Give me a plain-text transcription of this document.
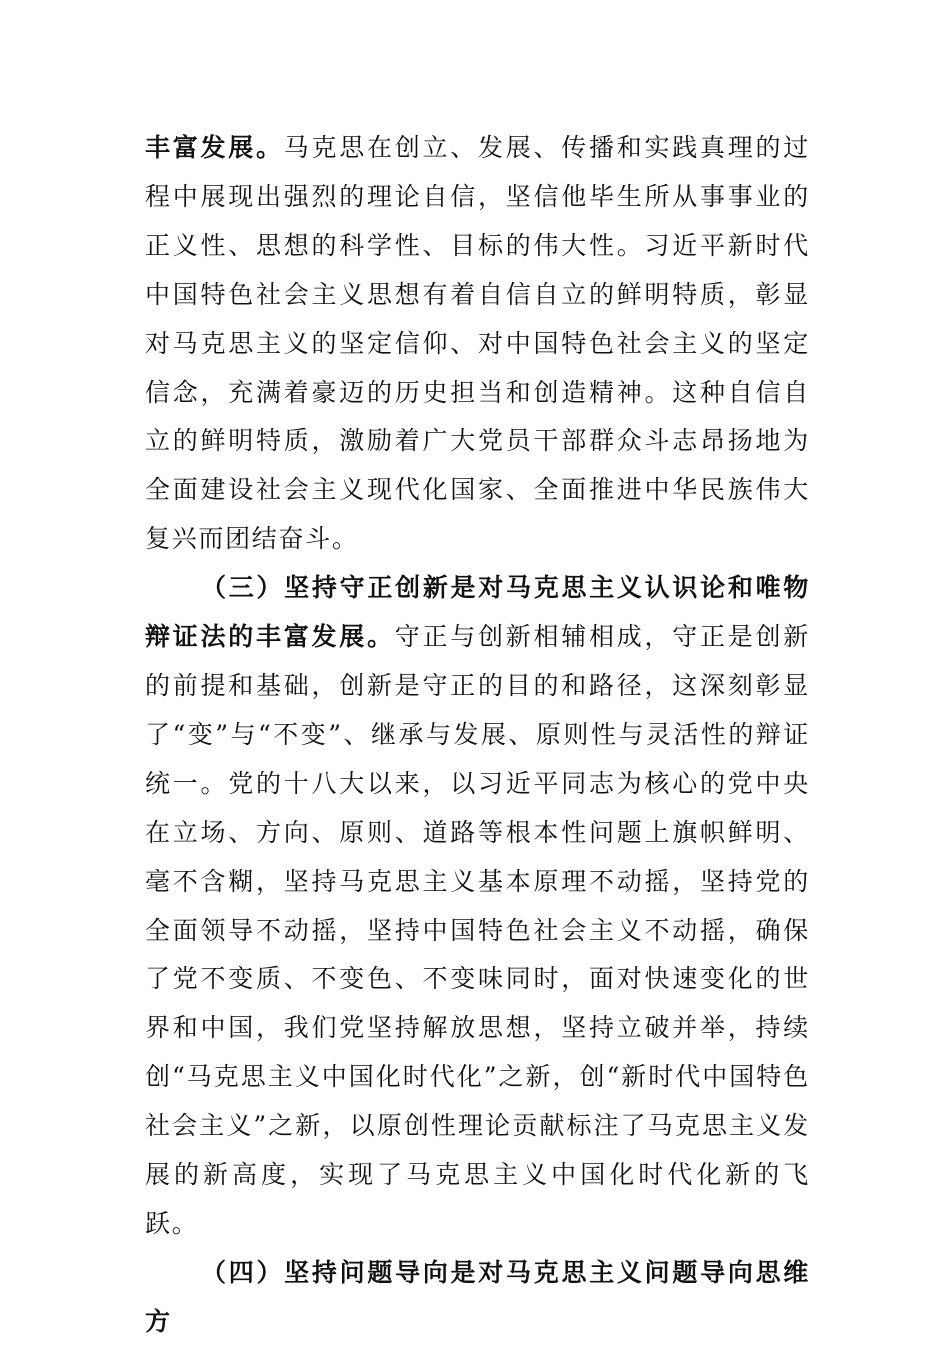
丰富发展。马克思在创立、发展、传播和实践真理的过程中展现出强烈的理论自信，坚信他毕生所从事事业的正义性、思想的科学性、目标的伟大性。习近平新时代中国特色社会主义思想有着自信自立的鲜明特质，彰显对马克思主义的坚定信仰、对中国特色社会主义的坚定信念，充满着豪迈的历史担当和创造精神。这种自信自立的鲜明特质，激励着广大党员干部群众斗志昂扬地为全面建设社会主义现代化国家、全面推进中华民族伟大复兴而团结奋斗。

（三）坚持守正创新是对马克思主义认识论和唯物辩证法的丰富发展。守正与创新相辅相成，守正是创新的前提和基础，创新是守正的目的和路径，这深刻彰显了“变”与“不变”、继承与发展、原则性与灵活性的辩证统一。党的十八大以来，以习近平同志为核心的党中央在立场、方向、原则、道路等根本性问题上旗帜鲜明、毫不含糊，坚持马克思主义基本原理不动摇，坚持党的全面领导不动摇，坚持中国特色社会主义不动摇，确保了党不变质、不变色、不变味同时，面对快速变化的世界和中国，我们党坚持解放思想，坚持立破并举，持续创“马克思主义中国化时代化”之新，创“新时代中国特色社会主义”之新，以原创性理论贡献标注了马克思主义发展的新高度，实现了马克思主义中国化时代化新的飞跃。

（四）坚持问题导向是对马克思主义问题导向思维方
